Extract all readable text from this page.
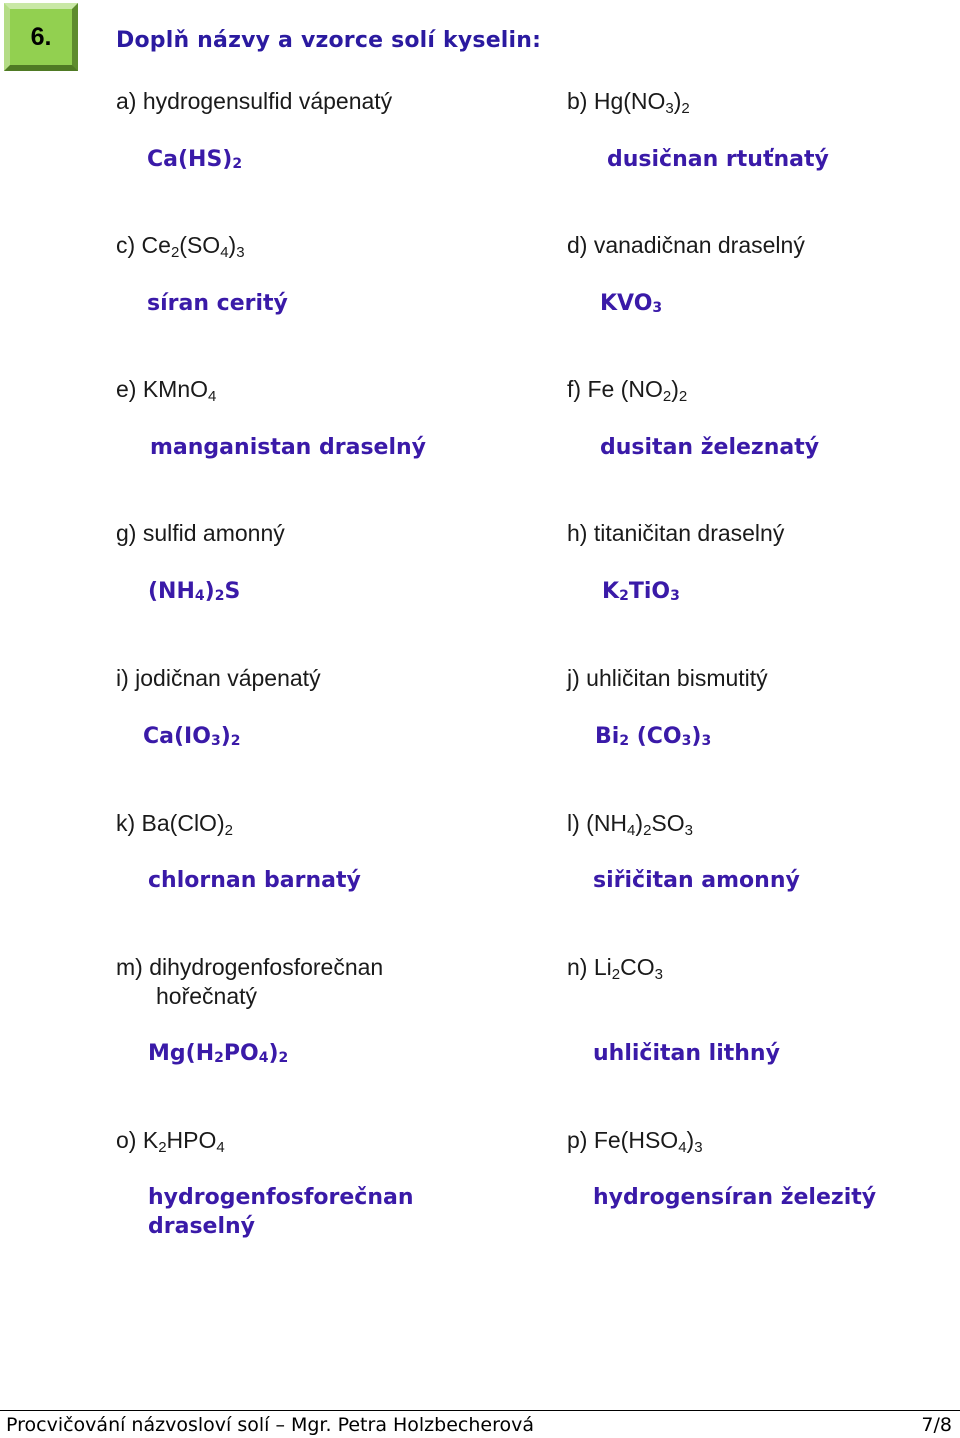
6.	Doplň názvy a vzorce solí kyselin:
a) hydrogensulfid vápenatý
Ca(HS)2
b) Hg(NO3)2
dusičnan rtuťnatý
c) Ce2(SO4)3
síran ceritý
d) vanadičnan draselný
KVO3
e) KMnO4
manganistan draselný
f) Fe (NO2)2
dusitan železnatý
g) sulfid amonný
(NH4)2S
h) titaničitan draselný
K2TiO3
i) jodičnan vápenatý
Ca(IO3)2
j) uhličitan bismutitý
Bi2 (CO3)3
k) Ba(ClO)2
chlornan barnatý
l) (NH4)2SO3
siřičitan amonný
m) dihydrogenfosforečnan
hořečnatý
Mg(H2PO4)2
n) Li2CO3
uhličitan lithný
o) K2HPO4
hydrogenfosforečnan
draselný
p) Fe(HSO4)3
hydrogensíran železitý
Procvičování názvosloví solí – Mgr. Petra Holzbecherová	7/8
